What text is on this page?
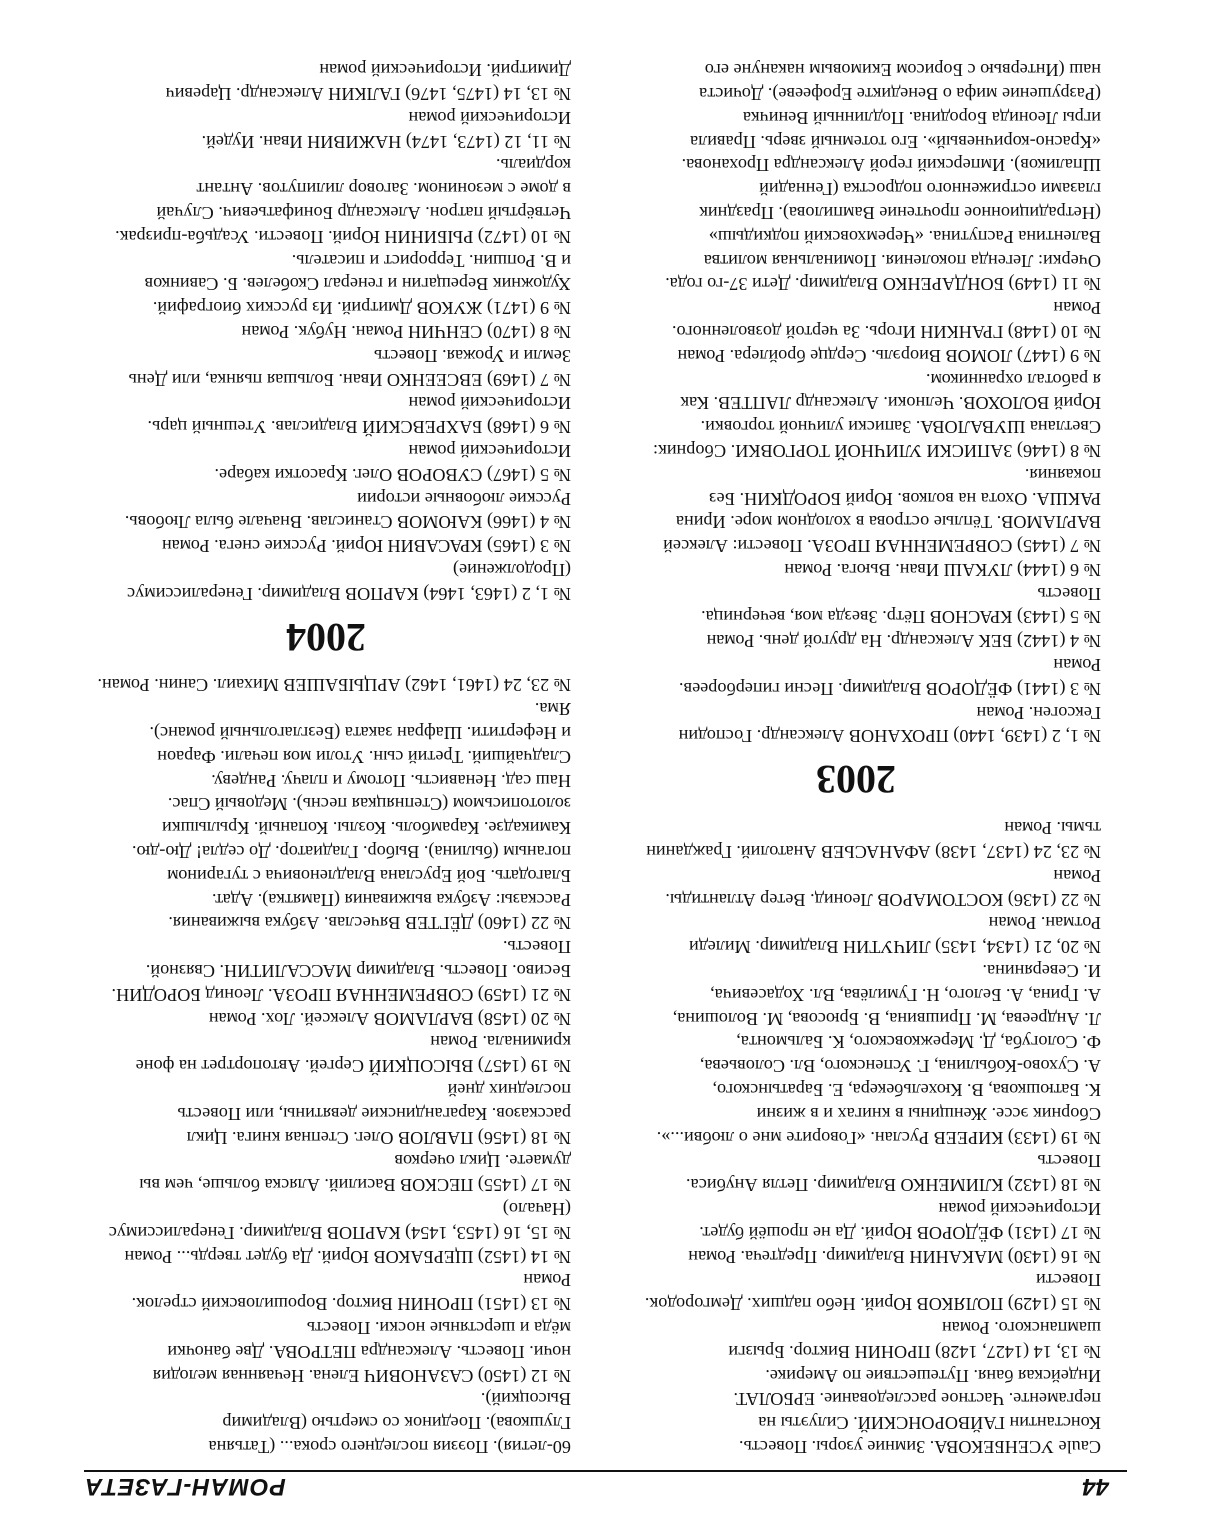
44
РОМАН-ГАЗЕТА
Саule УСЕНБЕКОВА. Зимние узоры. Повесть.
Константин ГАЙВОРОНСКИЙ. Силуэты на
пергаменте. Частное расследование. ЕРБОЛАТ.
Индейская баня. Путешествие по Америке.
№ 13, 14 (1427, 1428) ПРОНИН Виктор. Брызги
шампанского. Роман
№ 15 (1429) ПОЛЯКОВ Юрий. Небо падших. Демгородок.
Повести
№ 16 (1430) МАКАНИН Владимир. Предтеча. Роман
№ 17 (1431) ФЁДОРОВ Юрий. Да не прошёй будет.
Исторический роман
№ 18 (1432) КЛИМЕНКО Владимир. Петля Анубиса.
Повесть
№ 19 (1433) КИРЕЕВ Руслан. «Говорите мне о любви...».
Сборник эссе. Женщины в книгах и в жизни
К. Батюшкова, В. Кюхельбекера, Е. Баратынского,
А. Сухово-Кобылина, Г. Успенского, Вл. Соловьева,
Ф. Сологуба, Д. Мережковского, К. Бальмонта,
Л. Андреева, М. Пришвина, В. Брюсова, М. Волошина,
А. Грина, А. Белого, Н. Гумилёва, Вл. Ходасевича,
И. Северянина.
№ 20, 21 (1434, 1435) ЛИЧУТИН Владимир. Миледи
Ротман. Роман
№ 22 (1436) КОСТОМАРОВ Леонид. Ветер Атлантиды.
Роман
№ 23, 24 (1437, 1438) АФАНАСЬЕВ Анатолий. Гражданин
тьмы. Роман
2003
№ 1, 2 (1439, 1440) ПРОХАНОВ Александр. Господин
Гексоген. Роман
№ 3 (1441) ФЁДОРОВ Владимир. Песни гипербореев.
Роман
№ 4 (1442) БЕК Александр. На другой день. Роман
№ 5 (1443) КРАСНОВ Пётр. Звезда моя, вечерница.
Повесть
№ 6 (1444) ЛУКАШ Иван. Вьюга. Роман
№ 7 (1445) СОВРЕМЕННАЯ ПРОЗА. Повести: Алексей
ВАРЛАМОВ. Тёплые острова в холодном море. Ирина
РАКША. Охота на волков. Юрий БОРОДКИН. Без
покаяния.
№ 8 (1446) ЗАПИСКИ УЛИЧНОЙ ТОРГОВКИ. Сборник:
Светлана ШУВАЛОВА. Записки уличной торговки.
Юрий ВОЛОХОВ. Челноки. Александр ЛАПТЕВ. Как
я работал охранником.
№ 9 (1447) ЛОМОВ Виорэль. Сердце бройлера. Роман
№ 10 (1448) ГРАНКИН Игорь. За чертой дозволенного.
Роман
№ 11 (1449) БОНДАРЕНКО Владимир. Дети 37-го года.
Очерки: Легенда поколения. Поминальная молитва
Валентина Распутина. «Черемховский подкидыш»
(Нетрадиционное прочтение Вампилова). Праздник
глазами остриженного подростка (Геннадий
Шпаликов). Имперский герой Александра Проханова.
«Красно-коричневый». Его тотемный зверь. Правила
игры Леонида Бородина. Подлинный Веничка
(Разрушение мифа о Венедикте Ерофееве). Дочиста
наш (Интервью с Борисом Екимовым накануне его
60-летия). Поэзия последнего срока... (Татьяна
Глушкова). Поединок со смертью (Владимир
Высоцкий).
№ 12 (1450) САЗАНОВИЧ Елена. Нечаянная мелодия
ночи. Повесть. Александра ПЕТРОВА. Две баночки
мёда и шерстяные носки. Повесть
№ 13 (1451) ПРОНИН Виктор. Ворошиловский стрелок.
Роман
№ 14 (1452) ЩЕРБАКОВ Юрий. Да будет твердь... Роман
№ 15, 16 (1453, 1454) КАРПОВ Владимир. Генералиссимус
(Начало)
№ 17 (1455) ПЕСКОВ Василий. Аляска больше, чем вы
думаете. Цикл очерков
№ 18 (1456) ПАВЛОВ Олег. Степная книга. Цикл
рассказов. Карагандинские девятины, или Повесть
последних дней
№ 19 (1457) ВЫСОЦКИЙ Сергей. Автопортрет на фоне
криминала. Роман
№ 20 (1458) ВАРЛАМОВ Алексей. Лох. Роман
№ 21 (1459) СОВРЕМЕННАЯ ПРОЗА. Леонид БОРОДИН.
Бесиво. Повесть. Владимир МАССАЛИТИН. Связной.
Повесть.
№ 22 (1460) ДЁГТЕВ Вячеслав. Азбука выживания.
Рассказы: Азбука выживания (Памятка). Адат.
Благодать. Бой Еруслана Владленовича с тугарином
поганым (былина). Выбор. Гладиатор. До седла! Дю-дю.
Камикадзе. Карамболь. Козлы. Копаный. Крылышки
золотописьмом (Степняцкая песнь). Медовый Спас.
Наш сад. Ненависть. Потому и плачу. Рандеву.
Сладчайший. Третий сын. Утоли моя печали. Фараон
и Нефертити. Шафран заката (Безглагольный романс).
Яма.
№ 23, 24 (1461, 1462) АРЦЫБАШЕВ Михаил. Санин. Роман.
2004
№ 1, 2 (1463, 1464) КАРПОВ Владимир. Генералиссимус
(Продолжение)
№ 3 (1465) КРАСАВИН Юрий. Русские снега. Роман
№ 4 (1466) КАЮМОВ Станислав. Вначале была Любовь.
Русские любовные истории
№ 5 (1467) СУВОРОВ Олег. Красотки кабаре.
Исторический роман
№ 6 (1468) БАХРЕВСКИЙ Владислав. Утешный царь.
Исторический роман
№ 7 (1469) ЕВСЕЕНКО Иван. Большая пьянка, или День
Земли и Урожая. Повесть
№ 8 (1470) СЕНЧИН Роман. Нубук. Роман
№ 9 (1471) ЖУКОВ Дмитрий. Из русских биографий.
Художник Верещагин и генерал Скобелев. Б. Савинков
и В. Ропшин. Террорист и писатель.
№ 10 (1472) РЫБИНИН Юрий. Повести. Усадьба-призрак.
Четвёртый патрон. Александр Бонифатьевич. Случай
в доме с мезонином. Заговор лилипутов. Антант
кордиаль.
№ 11, 12 (1473, 1474) НАЖИВИН Иван. Иудей.
Исторический роман
№ 13, 14 (1475, 1476) ГАЛКИН Александр. Царевич
Димитрий. Исторический роман
